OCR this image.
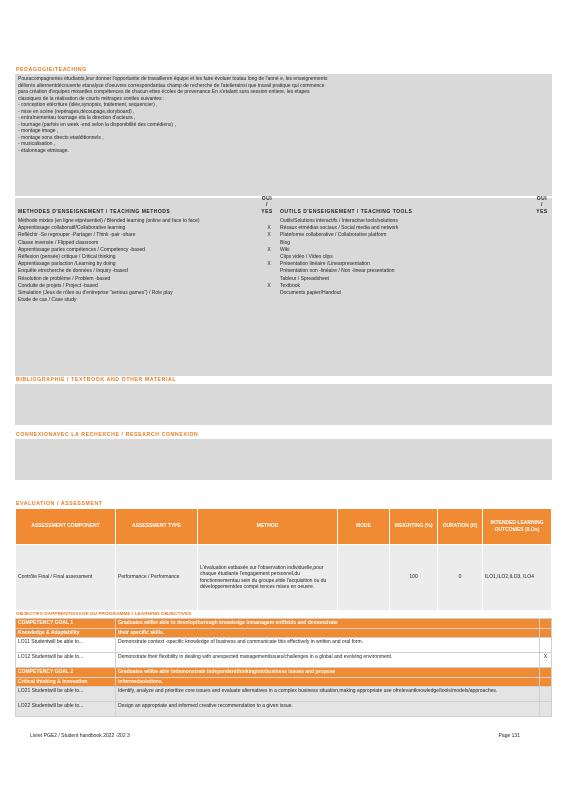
PEDAGOGIE/TEACHING

Pouracompagneries étudiants,leur donner l'opportunite de travailleren équipe et les faire évoluer toutau long de l'anné e, les enseignements

délivrés alternentdécouverte etanalyse d'oeuvres correspondantau champ de recherche de l'atelierainsi que travail pratique qui commence

para création d'equipes mixantles compétences de chacun ettes écoles de provenance.En s'etalant sura session entiere, les etapes

classiques de la réalisation de courts métrages sontles suivantes :

- conception etécriture (idée,synopsis, traitement, sequencier) ,

- mise en scène (repérages,découpage,storyboard) ,

- entraînementau tournage eta la direction d'acteurs ,

- tournage (parfois en week -end selon la disponibilité des comédiens) ,

- montage image ,

- montage sons directs etadditionnels ,

- musicalisation ,

- étalonnage etmixage.

METHODES D'ENSEIGNEMENT / TEACHING METHODS
OUI / YES
Méthode mixtes (en ligne etprésentiel) / Blended learning (online and face to face)
Apprentissage collaboratif/Collaborative learning	X
Refléchir -Se regrouper -Partager / Think -pair -share	X
Classe inversée / Flipped classroom
Apprentissage parles compétences / Competency -based	X
Réflexion (pensée) critique / Critical thinking
Apprentissage parlaction /Learning by doing	X
Enquête etrecherche de données / Inquiry -based
Résolution de problème / Problem -based
Conduite de projets / Project -based	X
Simulation (Jeux de rôles ou d'entreprise "serious games") / Role play
Etude de cas / Case study
OUTILS D'ENSEIGNEMENT / TEACHING TOOLS
OUI / YES
Outils/Solutions interactifs / Interactive tools/solutions
Résaux etmédias sociaux / Social media and network
Plateforme collaborative / Collaborative platform
Blog
Wiki
Clips vidéo / Video clips
Présentation linéaire /Linearpresentation
Présentation non -linéaire / Non -linear presentation
Tableur / Spreadsheet
Textbook
Documents papier/Handout
BIBLIOGRAPHIE / TEXTBOOK AND OTHER MATERIAL
CONNEXIONAVEC LA RECHERCHE / RESEARCH CONNEXION
EVALUATION / ASSESSMENT
ASSESSMENT COMPONENT	ASSESSMENT TYPE	METHOD	MODE	WEIGHTING (%)	DURATION (H)	INTENDED LEARNING OUTCOMES (ILOs)
Contrôle Final / Final assessment	Performance / Performance	L'évaluation estbasée sur l'observation individuelle,pour chaque étudiante l'engagement personnel,du fonctionnementau sein du groupe,etde l'acquisition ou du développementdes compé tences mises en oeuvre.		100	0	ILO1,ILO2,ILO3, ILO4
OBJECTIFS DAPPRENTISSAGE DU PROGRAMME / LEARNING OBJECTIVES
COMPETENCY GOAL 1	Graduates willbe able to developthorough knowledge inmanagem entfields and demonstrate	
Knowledge & Adaptability	their specific skills.	
LO11 Studentwill be able to...	Demonstrate context -specific knowledge of business and communicate this effectively in written and oral form.	
LO12 Studentwill be able to...	Demonstrate their flexibility in dealing with unexpected managementissues/challenges in a global and evolving environment.	X
COMPETENCY GOAL 2	Graduates willbe able todemonstrate independentthinkingintobusiness issues and propose	
Critical thinking & Innovation	informedsolutions.	
LO21 Studentwill be able to...	Identify, analyze and prioritize core issues and evaluate alternatives in a complex business situation,making appropriate use ofrelevantknowledge/tools/models/approaches.	
LO22 Studentwill be able to...	Design an appropriate and informed creative recommendation to a given issue.	
Livret PGE2 / Student handbook 2022 -202 3	Page 131
